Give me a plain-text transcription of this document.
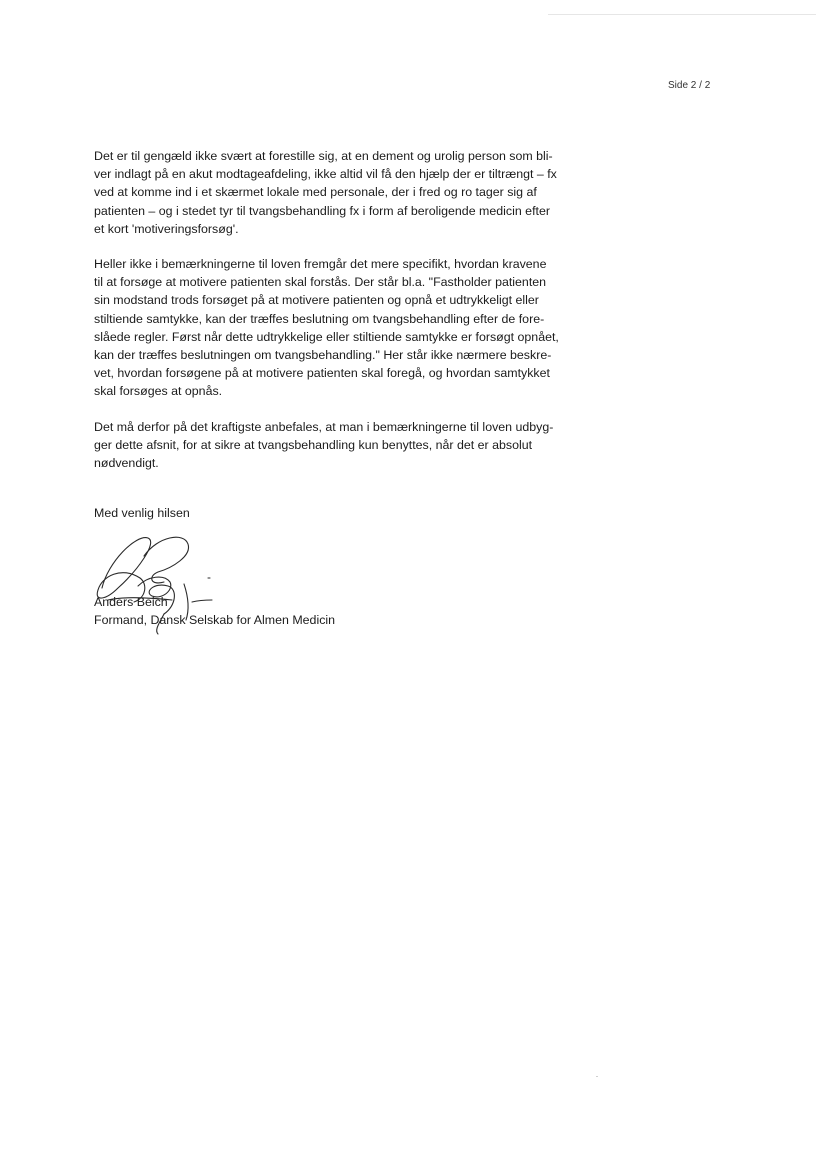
Side 2 / 2
Det er til gengæld ikke svært at forestille sig, at en dement og urolig person som bli-
ver indlagt på en akut modtageafdeling, ikke altid vil få den hjælp der er tiltrængt – fx
ved at komme ind i et skærmet lokale med personale, der i fred og ro tager sig af
patienten – og i stedet tyr til tvangsbehandling fx i form af beroligende medicin efter
et kort 'motiveringsforsøg'.
Heller ikke i bemærkningerne til loven fremgår det mere specifikt, hvordan kravene
til at forsøge at motivere patienten skal forstås. Der står bl.a. "Fastholder patienten
sin modstand trods forsøget på at motivere patienten og opnå et udtrykkeligt eller
stiltiende samtykke, kan der træffes beslutning om tvangsbehandling efter de fore-
slåede regler. Først når dette udtrykkelige eller stiltiende samtykke er forsøgt opnået,
kan der træffes beslutningen om tvangsbehandling." Her står ikke nærmere beskre-
vet, hvordan forsøgene på at motivere patienten skal foregå, og hvordan samtykket
skal forsøges at opnås.
Det må derfor på det kraftigste anbefales, at man i bemærkningerne til loven udbyg-
ger dette afsnit, for at sikre at tvangsbehandling kun benyttes, når det er absolut
nødvendigt.
Med venlig hilsen
Anders Beich
Formand, Dansk Selskab for Almen Medicin
